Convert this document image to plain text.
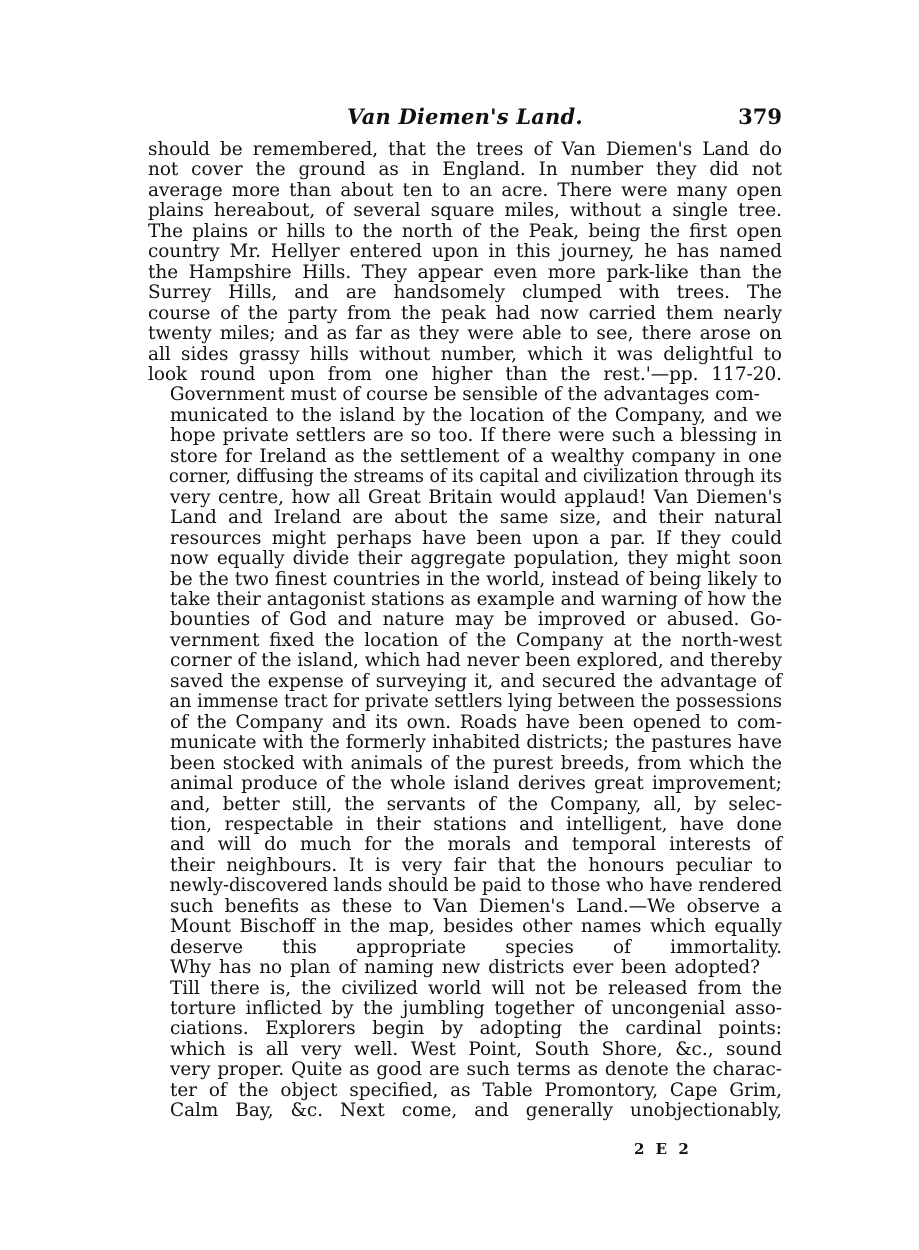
Van Diemen's Land.	379

should be remembered, that the trees of Van Diemen's Land do
not cover the ground as in England. In number they did not
average more than about ten to an acre. There were many open
plains hereabout, of several square miles, without a single tree.
The plains or hills to the north of the Peak, being the first open
country Mr. Hellyer entered upon in this journey, he has named
the Hampshire Hills. They appear even more park-like than the
Surrey Hills, and are handsomely clumped with trees. The
course of the party from the peak had now carried them nearly
twenty miles; and as far as they were able to see, there arose on
all sides grassy hills without number, which it was delightful to
look round upon from one higher than the rest.'—pp. 117-20.

Government must of course be sensible of the advantages com-
municated to the island by the location of the Company, and we
hope private settlers are so too. If there were such a blessing in
store for Ireland as the settlement of a wealthy company in one
corner, diffusing the streams of its capital and civilization through its
very centre, how all Great Britain would applaud! Van Diemen's
Land and Ireland are about the same size, and their natural
resources might perhaps have been upon a par. If they could
now equally divide their aggregate population, they might soon
be the two finest countries in the world, instead of being likely to
take their antagonist stations as example and warning of how the
bounties of God and nature may be improved or abused. Go-
vernment fixed the location of the Company at the north-west
corner of the island, which had never been explored, and thereby
saved the expense of surveying it, and secured the advantage of
an immense tract for private settlers lying between the possessions
of the Company and its own. Roads have been opened to com-
municate with the formerly inhabited districts; the pastures have
been stocked with animals of the purest breeds, from which the
animal produce of the whole island derives great improvement;
and, better still, the servants of the Company, all, by selec-
tion, respectable in their stations and intelligent, have done
and will do much for the morals and temporal interests of
their neighbours. It is very fair that the honours peculiar to
newly-discovered lands should be paid to those who have rendered
such benefits as these to Van Diemen's Land.—We observe a
Mount Bischoff in the map, besides other names which equally
deserve this appropriate species of immortality.

Why has no plan of naming new districts ever been adopted?
Till there is, the civilized world will not be released from the
torture inflicted by the jumbling together of uncongenial asso-
ciations. Explorers begin by adopting the cardinal points:
which is all very well. West Point, South Shore, &c., sound
very proper. Quite as good are such terms as denote the charac-
ter of the object specified, as Table Promontory, Cape Grim,
Calm Bay, &c. Next come, and generally unobjectionably,

2 E 2
